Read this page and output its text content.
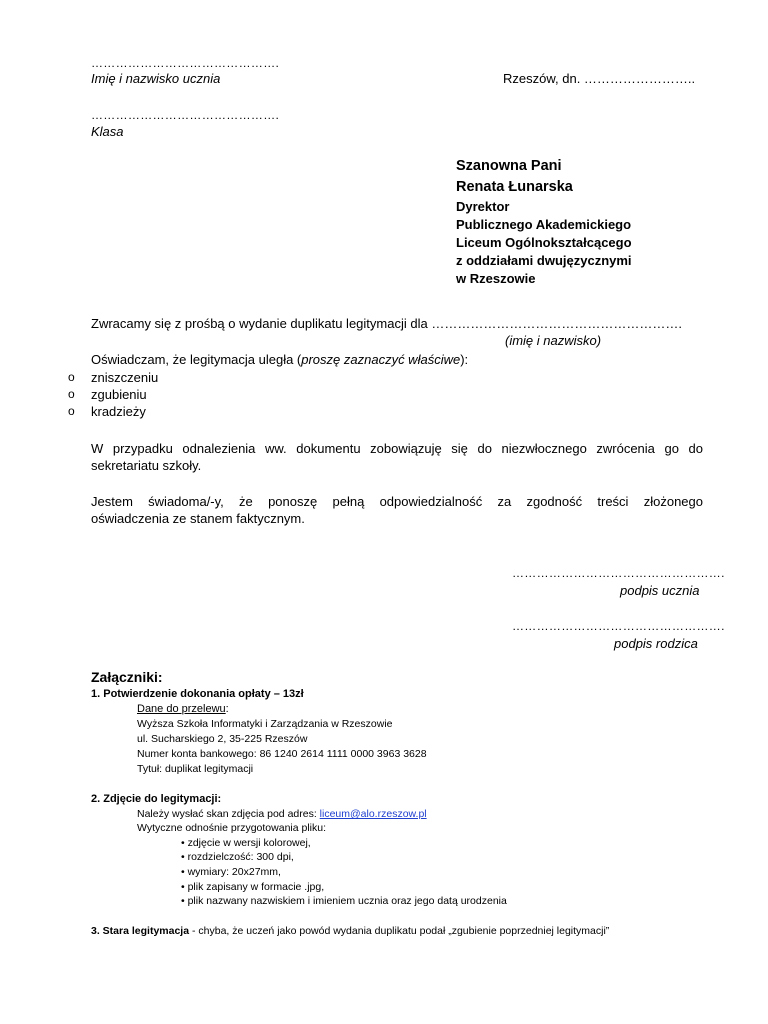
……………………………………….
Imię i nazwisko ucznia	Rzeszów, dn. ……………………..
……………………………………….
Klasa
Szanowna Pani
Renata Łunarska
Dyrektor
Publicznego Akademickiego
Liceum Ogólnokształcącego
z oddziałami dwujęzycznymi
w Rzeszowie
Zwracamy się z prośbą o wydanie duplikatu legitymacji dla ………………………………………………….
(imię i nazwisko)
Oświadczam, że legitymacja uległa (proszę zaznaczyć właściwe):
o zniszczeniu
o zgubieniu
o kradzieży
W przypadku odnalezienia ww. dokumentu zobowiązuję się do niezwłocznego zwrócenia go do
sekretariatu szkoły.
Jestem świadoma/-y, że ponoszę pełną odpowiedzialność za zgodność treści złożonego
oświadczenia ze stanem faktycznym.
…………………………………………….
podpis ucznia
…………………………………………….
podpis rodzica
Załączniki:
1. Potwierdzenie dokonania opłaty – 13zł
Dane do przelewu:
Wyższa Szkoła Informatyki i Zarządzania w Rzeszowie
ul. Sucharskiego 2, 35-225 Rzeszów
Numer konta bankowego: 86 1240 2614 1111 0000 3963 3628
Tytuł: duplikat legitymacji
2. Zdjęcie do legitymacji:
Należy wysłać skan zdjęcia pod adres: liceum@alo.rzeszow.pl
Wytyczne odnośnie przygotowania pliku:
• zdjęcie w wersji kolorowej,
• rozdzielczość: 300 dpi,
• wymiary: 20x27mm,
• plik zapisany w formacie .jpg,
• plik nazwany nazwiskiem i imieniem ucznia oraz jego datą urodzenia
3. Stara legitymacja - chyba, że uczeń jako powód wydania duplikatu podał „zgubienie poprzedniej legitymacji”
